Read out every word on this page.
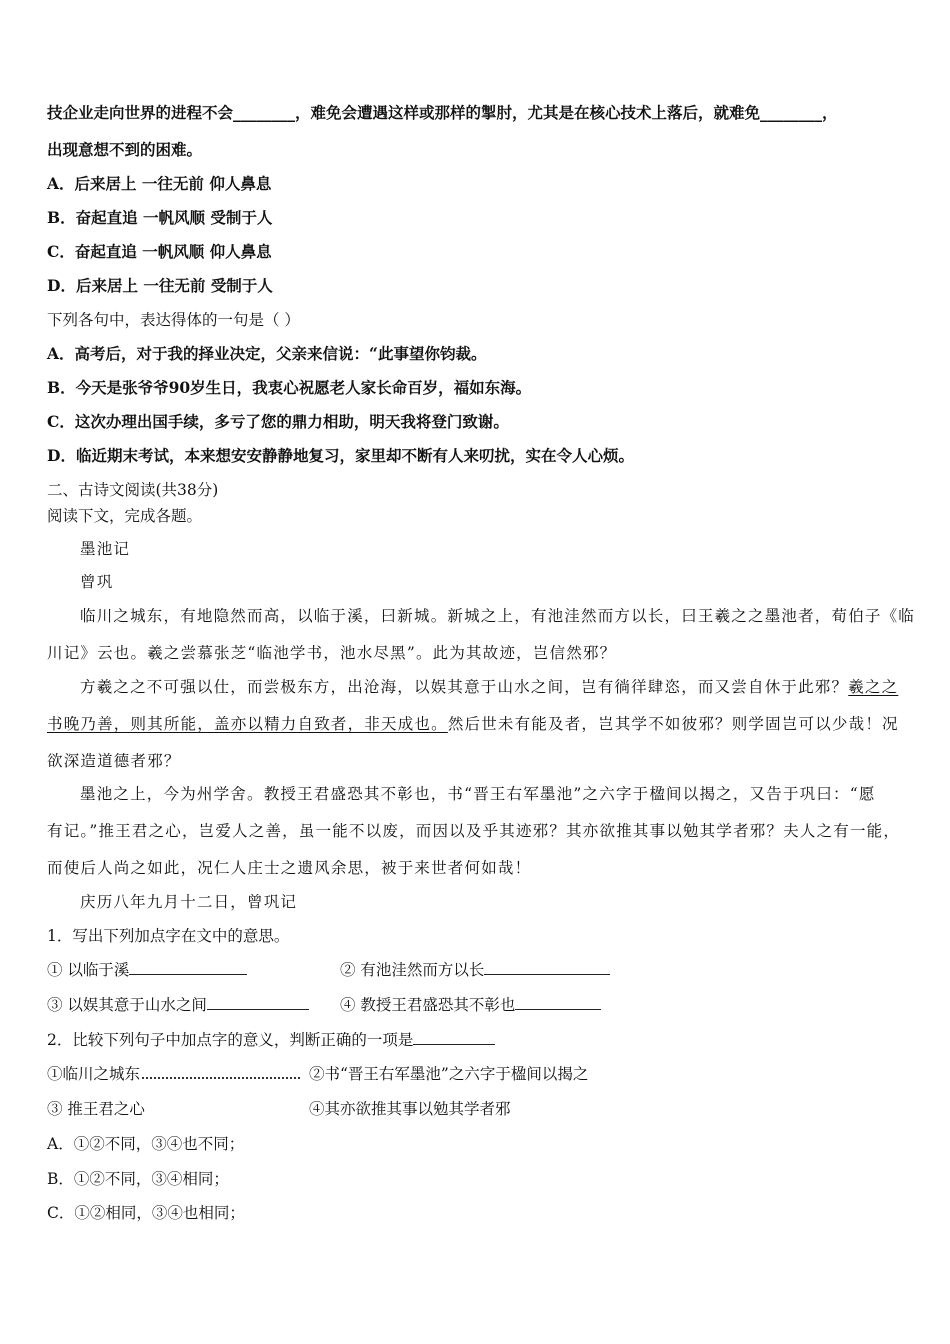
技企业走向世界的进程不会________，难免会遭遇这样或那样的掣肘，尤其是在核心技术上落后，就难免________，
出现意想不到的困难。
A．后来居上 一往无前 仰人鼻息
B．奋起直追 一帆风顺 受制于人
C．奋起直追 一帆风顺 仰人鼻息
D．后来居上 一往无前 受制于人
下列各句中，表达得体的一句是（ ）
A．高考后，对于我的择业决定，父亲来信说：“此事望你钧裁。
B．今天是张爷爷90岁生日，我衷心祝愿老人家长命百岁，福如东海。
C．这次办理出国手续，多亏了您的鼎力相助，明天我将登门致谢。
D．临近期末考试，本来想安安静静地复习，家里却不断有人来叨扰，实在令人心烦。
二、古诗文阅读(共38分)
阅读下文，完成各题。
墨池记
曾巩
临川之城东，有地隐然而高，以临于溪，曰新城。新城之上，有池洼然而方以长，曰王羲之之墨池者，荀伯子《临
川记》云也。羲之尝慕张芝“临池学书，池水尽黑”。此为其故迹，岂信然邪？
方羲之之不可强以仕，而尝极东方，出沧海，以娱其意于山水之间，岂有徜徉肆恣，而又尝自休于此邪？羲之之
书晚乃善，则其所能，盖亦以精力自致者，非天成也。然后世未有能及者，岂其学不如彼邪？则学固岂可以少哉！况
欲深造道德者邪？
墨池之上，今为州学舍。教授王君盛恐其不彰也，书“晋王右军墨池”之六字于楹间以揭之，又告于巩曰：“愿
有记。”推王君之心，岂爱人之善，虽一能不以废，而因以及乎其迹邪？其亦欲推其事以勉其学者邪？夫人之有一能，
而使后人尚之如此，况仁人庄士之遗风余思，被于来世者何如哉！
庆历八年九月十二日，曾巩记
1．写出下列加点字在文中的意思。
① 以临于溪	② 有池洼然而方以长
③ 以娱其意于山水之间	④ 教授王君盛恐其不彰也
2．比较下列句子中加点字的意义，判断正确的一项是
①临川之城东	②书“晋王右军墨池”之六字于楹间以揭之
③ 推王君之心	④其亦欲推其事以勉其学者邪
A．①②不同，③④也不同；
B．①②不同，③④相同；
C．①②相同，③④也相同；
